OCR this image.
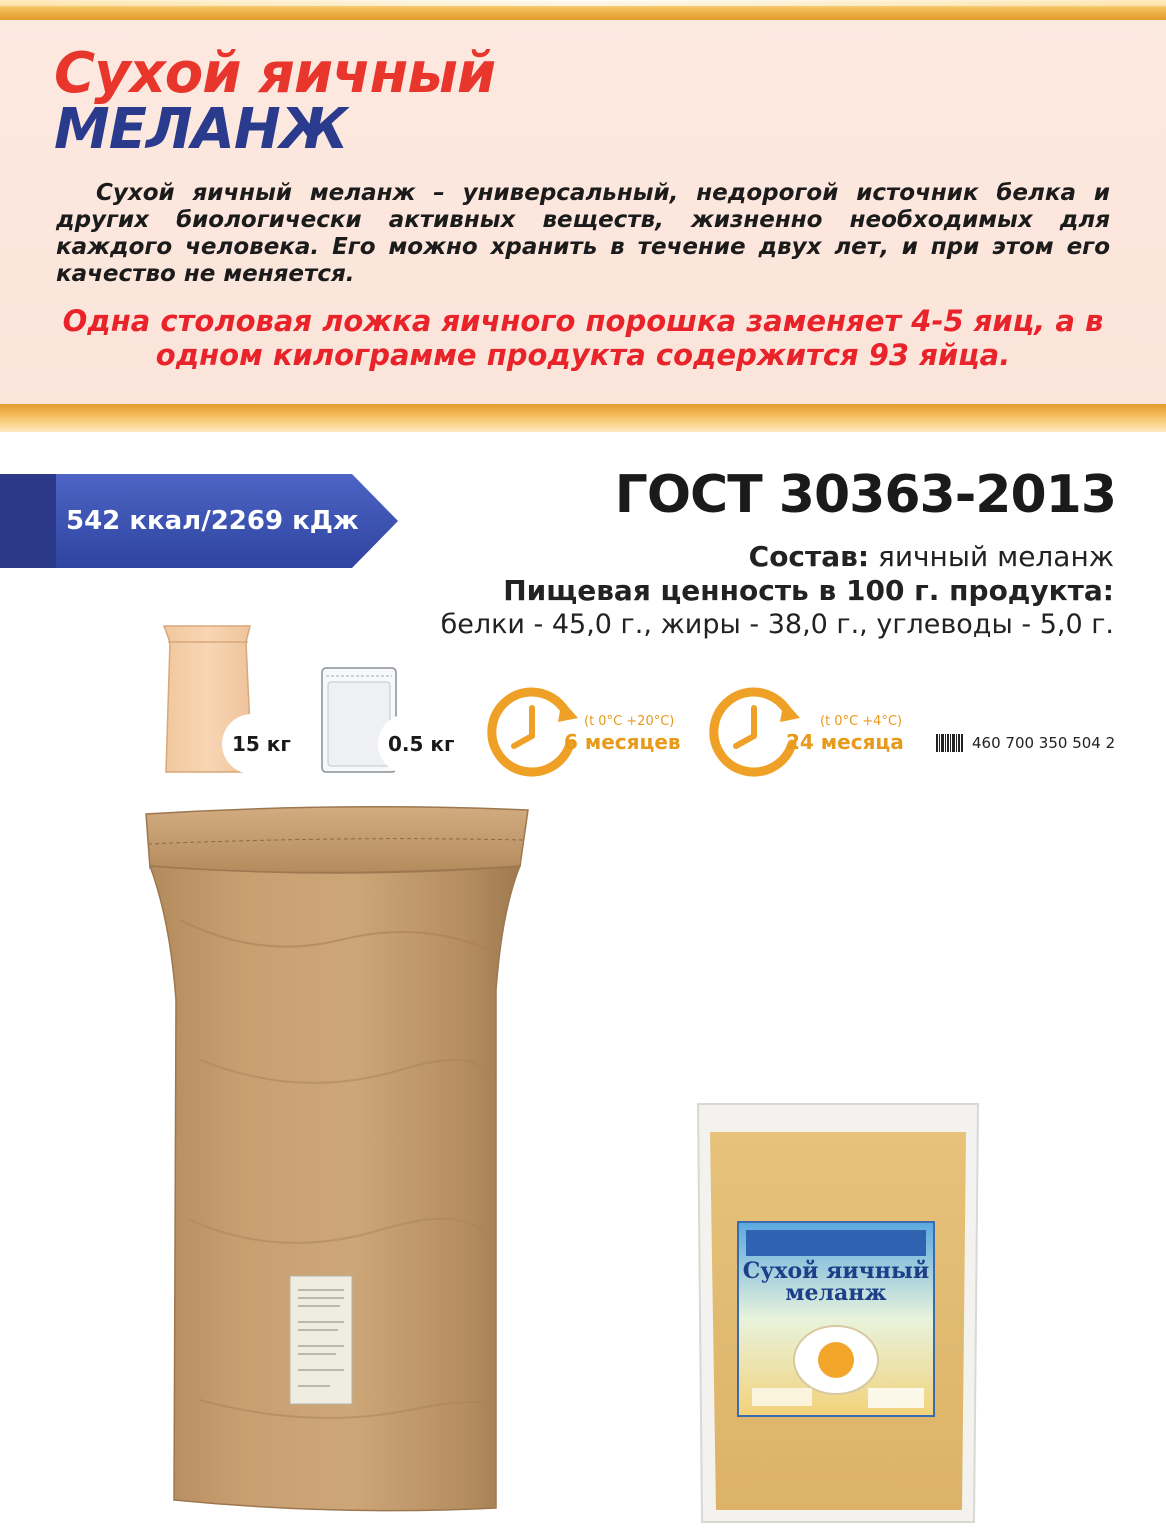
Сухой яичный
МЕЛАНЖ

Сухой яичный меланж – универсальный, недорогой источник белка и других биологически активных веществ, жизненно необходимых для каждого человека. Его можно хранить в течение двух лет, и при этом его качество не меняется.

Одна столовая ложка яичного порошка заменяет 4-5 яиц, а в одном килограмме продукта содержится 93 яйца.

542 ккал/2269 кДж	ГОСТ 30363-2013
Состав: яичный меланж
Пищевая ценность в 100 г. продукта:
белки - 45,0 г., жиры - 38,0 г., углеводы - 5,0 г.
15 кг	0.5 кг
(t 0°C +20°C)
6 месяцев
(t 0°C +4°C)
24 месяца	460 700 350 504 2
Сухой яичный
меланж
